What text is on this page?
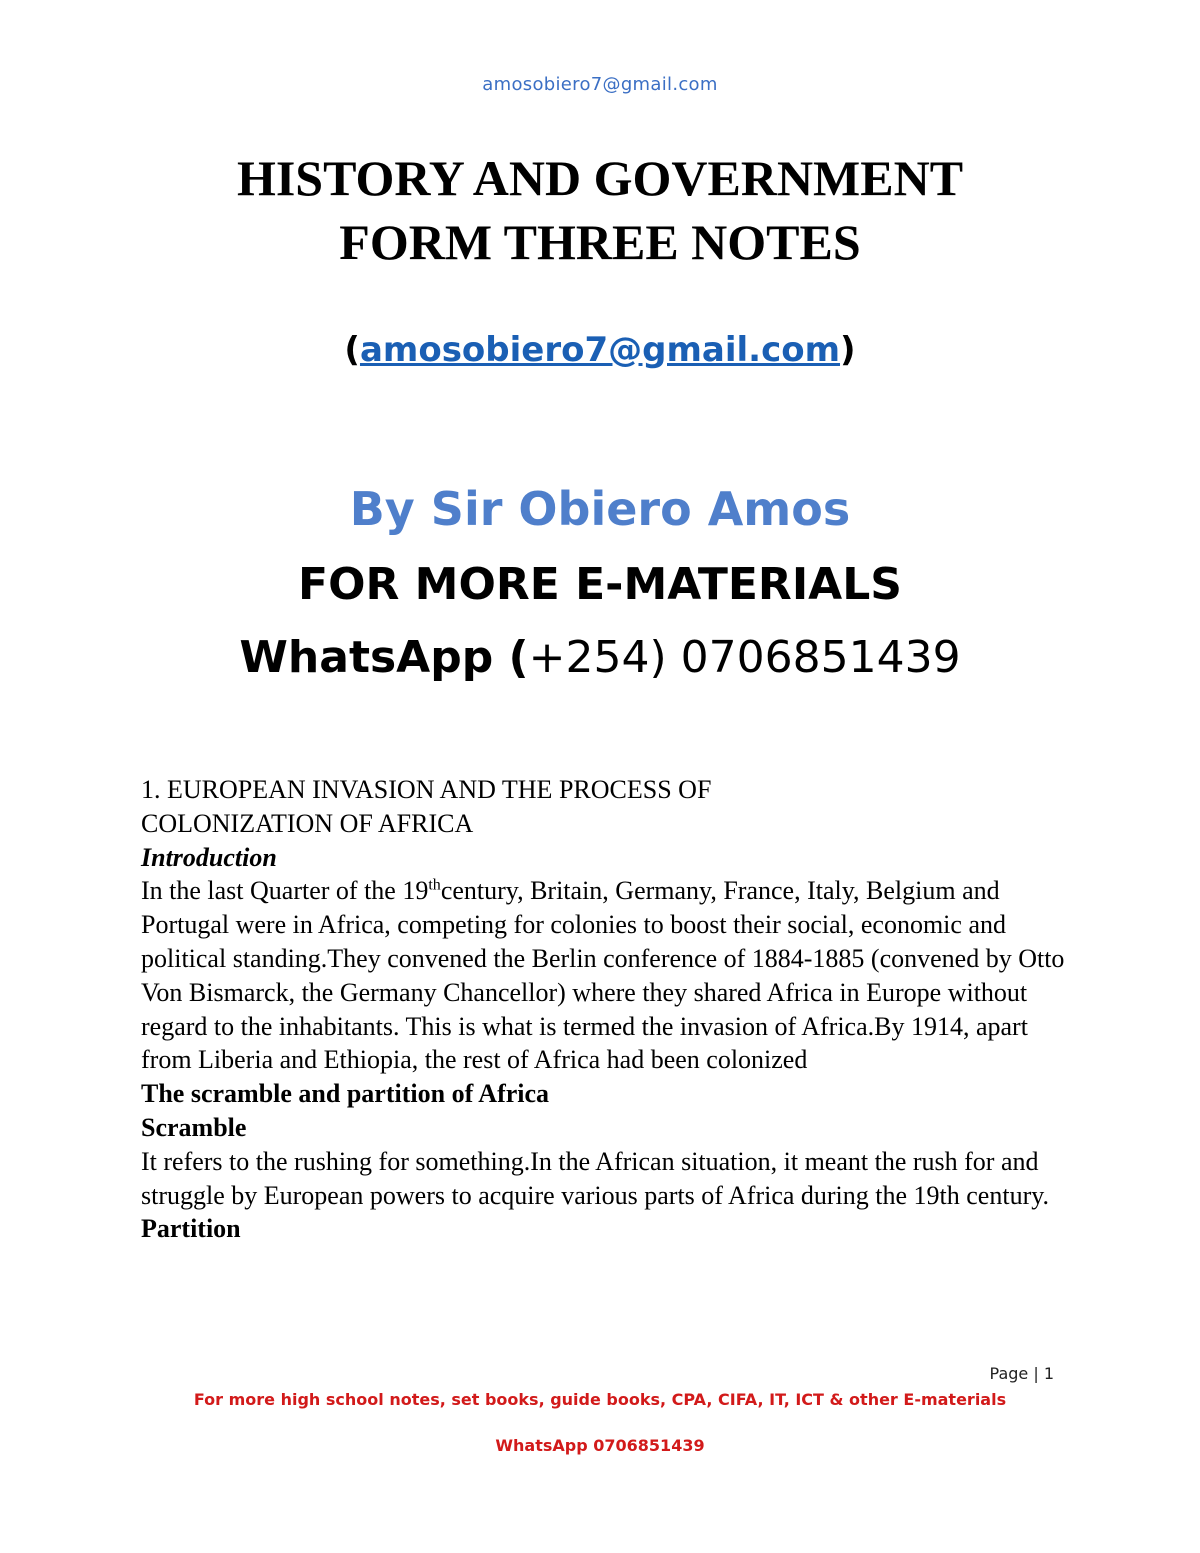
amosobiero7@gmail.com
HISTORY AND GOVERNMENT
FORM THREE NOTES
(amosobiero7@gmail.com)
By Sir Obiero Amos
FOR MORE E-MATERIALS
WhatsApp (+254) 0706851439

1. EUROPEAN INVASION AND THE PROCESS OF

COLONIZATION OF AFRICA

Introduction

In the last Quarter of the 19thcentury, Britain, Germany, France, Italy, Belgium and Portugal were in Africa, competing for colonies to boost their social, economic and political standing.They convened the Berlin conference of 1884-1885 (convened by Otto Von Bismarck, the Germany Chancellor) where they shared Africa in Europe without regard to the inhabitants. This is what is termed the invasion of Africa.By 1914, apart from Liberia and Ethiopia, the rest of Africa had been colonized

The scramble and partition of Africa

Scramble

It refers to the rushing for something.In the African situation, it meant the rush for and struggle by European powers to acquire various parts of Africa during the 19th century.

Partition

Page | 1
For more high school notes, set books, guide books, CPA, CIFA, IT, ICT & other E-materials
WhatsApp 0706851439
